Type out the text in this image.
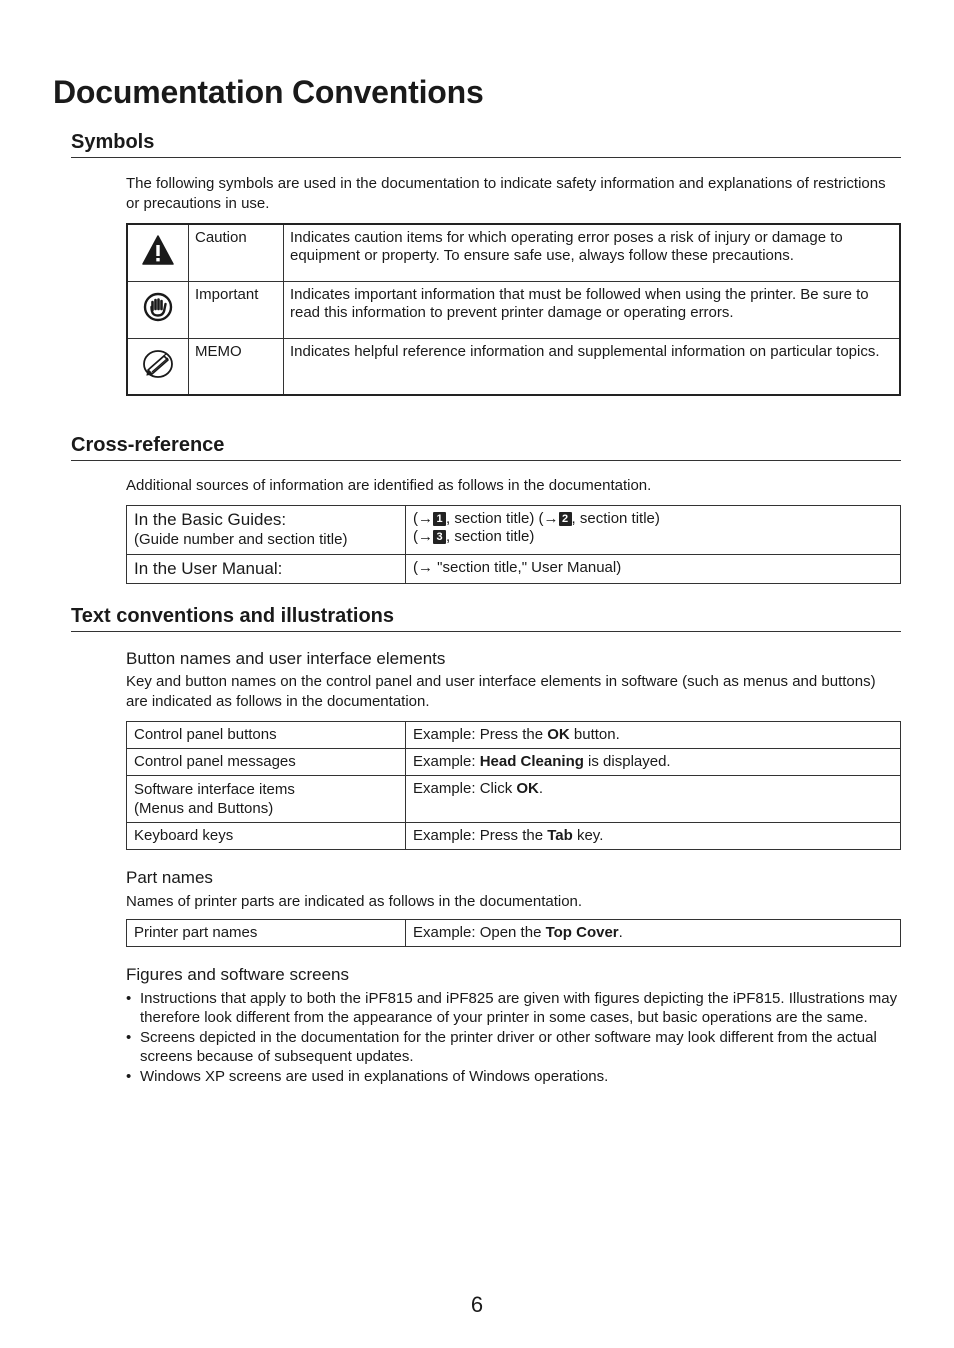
Documentation Conventions
Symbols

The following symbols are used in the documentation to indicate safety information and explanations of restrictions or precautions in use.

	Caution	Indicates caution items for which operating error poses a risk of injury or damage to equipment or property. To ensure safe use, always follow these precautions.
	Important	Indicates important information that must be followed when using the printer. Be sure to read this information to prevent printer damage or operating errors.
	MEMO	Indicates helpful reference information and supplemental information on particular topics.
Cross-reference

Additional sources of information are identified as follows in the documentation.

In the Basic Guides:
(Guide number and section title)	(→ 1 , section title) (→ 2 , section title)
(→ 3 , section title)
In the User Manual:	(→ "section title," User Manual)
Text conventions and illustrations

Button names and user interface elements

Key and button names on the control panel and user interface elements in software (such as menus and buttons) are indicated as follows in the documentation.

Control panel buttons	Example: Press the OK button.
Control panel messages	Example: Head Cleaning is displayed.
Software interface items
(Menus and Buttons)	Example: Click OK.
Keyboard keys	Example: Press the Tab key.

Part names

Names of printer parts are indicated as follows in the documentation.

Printer part names	Example: Open the Top Cover.

Figures and software screens

• Instructions that apply to both the iPF815 and iPF825 are given with figures depicting the iPF815. Illustrations may therefore look different from the appearance of your printer in some cases, but basic operations are the same.
• Screens depicted in the documentation for the printer driver or other software may look different from the actual screens because of subsequent updates.
• Windows XP screens are used in explanations of Windows operations.
6
